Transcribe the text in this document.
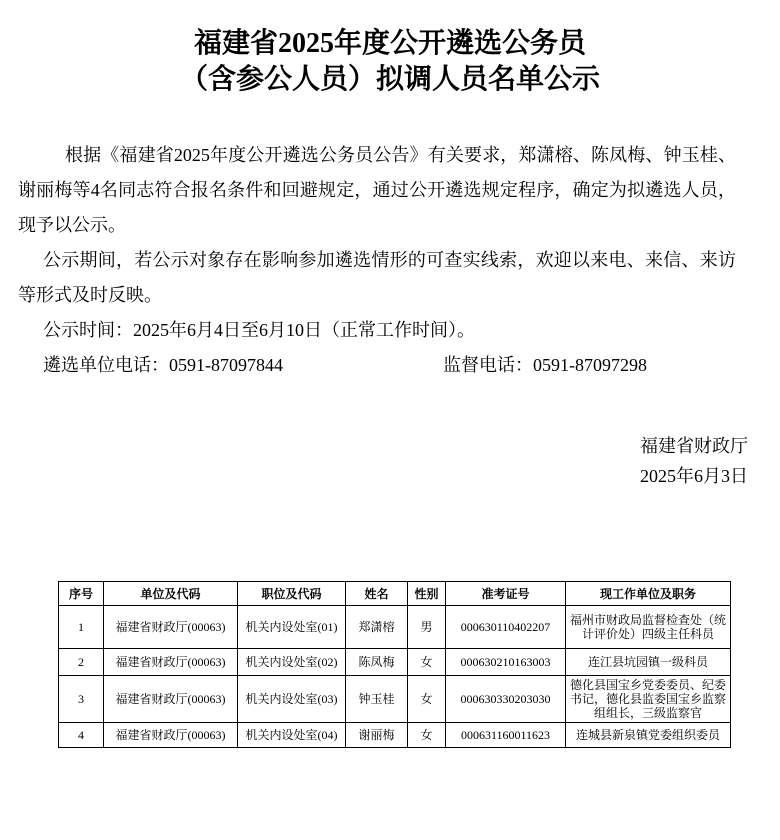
福建省2025年度公开遴选公务员
（含参公人员）拟调人员名单公示

根据《福建省2025年度公开遴选公务员公告》有关要求，郑潇榕、陈凤梅、钟玉桂、谢丽梅等4名同志符合报名条件和回避规定，通过公开遴选规定程序，确定为拟遴选人员，现予以公示。

公示期间，若公示对象存在影响参加遴选情形的可查实线索，欢迎以来电、来信、来访等形式及时反映。

公示时间：2025年6月4日至6月10日（正常工作时间）。

遴选单位电话：0591-87097844	监督电话：0591-87097298

福建省财政厅
2025年6月3日
序号	单位及代码	职位及代码	姓名	性别	准考证号	现工作单位及职务
1	福建省财政厅(00063)	机关内设处室(01)	郑潇榕	男	000630110402207	福州市财政局监督检查处（统计评价处）四级主任科员
2	福建省财政厅(00063)	机关内设处室(02)	陈凤梅	女	000630210163003	连江县坑园镇一级科员
3	福建省财政厅(00063)	机关内设处室(03)	钟玉桂	女	000630330203030	德化县国宝乡党委委员、纪委书记，德化县监委国宝乡监察组组长，三级监察官
4	福建省财政厅(00063)	机关内设处室(04)	谢丽梅	女	000631160011623	连城县新泉镇党委组织委员
